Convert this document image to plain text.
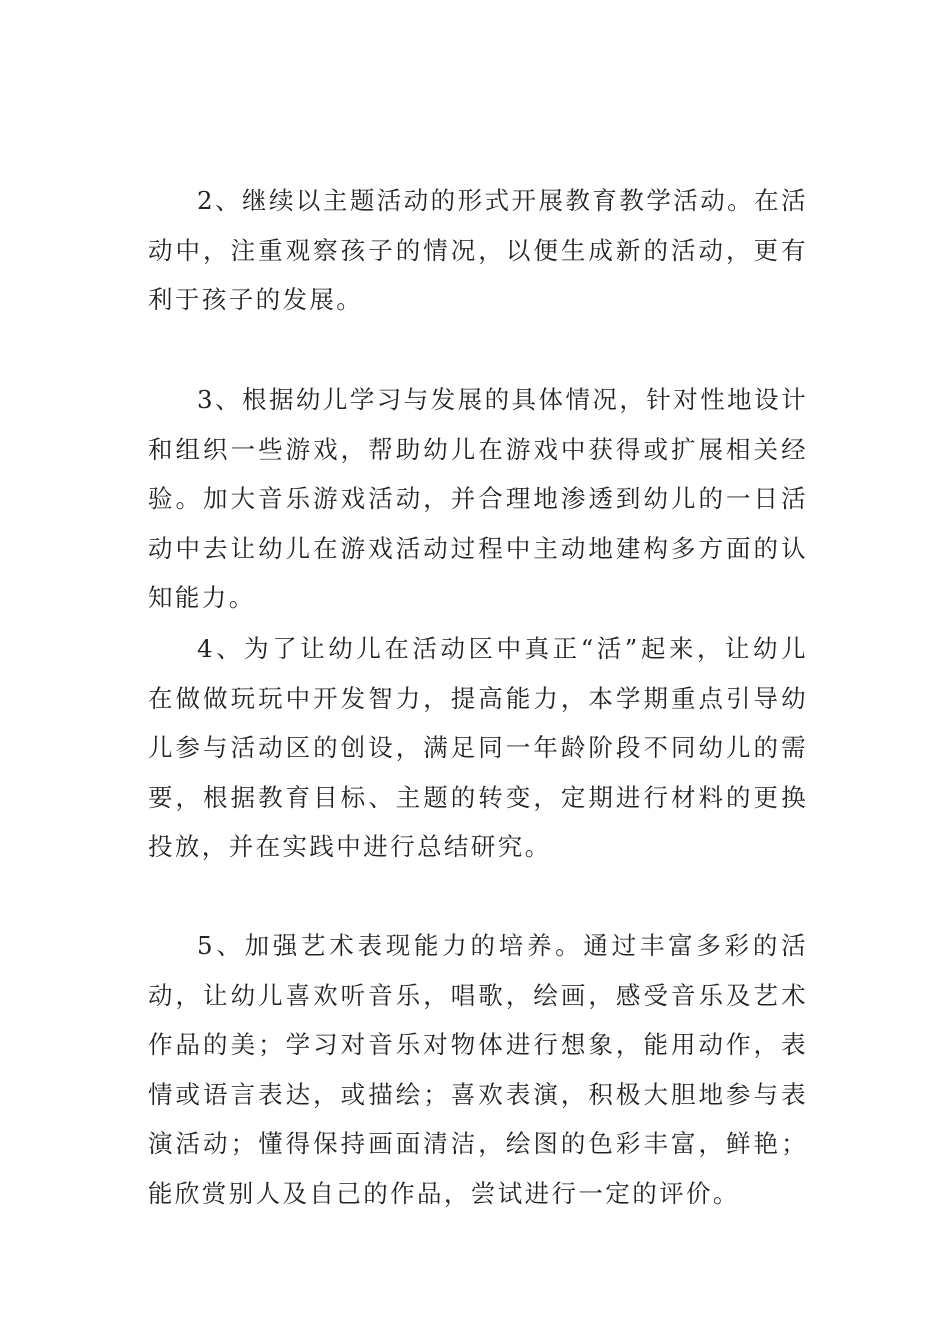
2、继续以主题活动的形式开展教育教学活动。在活动中，注重观察孩子的情况，以便生成新的活动，更有利于孩子的发展。

3、根据幼儿学习与发展的具体情况，针对性地设计和组织一些游戏，帮助幼儿在游戏中获得或扩展相关经验。加大音乐游戏活动，并合理地渗透到幼儿的一日活动中去让幼儿在游戏活动过程中主动地建构多方面的认知能力。

4、为了让幼儿在活动区中真正“活”起来，让幼儿在做做玩玩中开发智力，提高能力，本学期重点引导幼儿参与活动区的创设，满足同一年龄阶段不同幼儿的需要，根据教育目标、主题的转变，定期进行材料的更换投放，并在实践中进行总结研究。

5、加强艺术表现能力的培养。通过丰富多彩的活动，让幼儿喜欢听音乐，唱歌，绘画，感受音乐及艺术作品的美；学习对音乐对物体进行想象，能用动作，表情或语言表达，或描绘；喜欢表演，积极大胆地参与表演活动；懂得保持画面清洁，绘图的色彩丰富，鲜艳；能欣赏别人及自己的作品，尝试进行一定的评价。
